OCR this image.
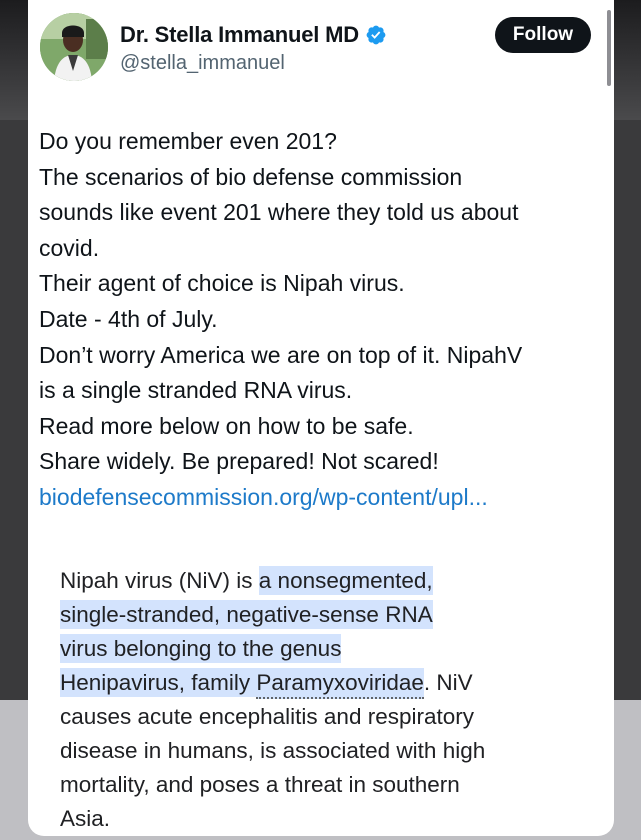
Dr. Stella Immanuel MD
@stella_immanuel
Follow
Do you remember even 201?
The scenarios of bio defense commission
sounds like event 201 where they told us about
covid.
Their agent of choice is Nipah virus.
Date - 4th of July.
Don’t worry America we are on top of it. NipahV
is a single stranded RNA virus.
Read more below on how to be safe.
Share widely. Be prepared! Not scared!
biodefensecommission.org/wp-content/upl...
Nipah virus (NiV) is a nonsegmented,
single-stranded, negative-sense RNA
virus belonging to the genus
Henipavirus, family Paramyxoviridae. NiV
causes acute encephalitis and respiratory
disease in humans, is associated with high
mortality, and poses a threat in southern
Asia.
